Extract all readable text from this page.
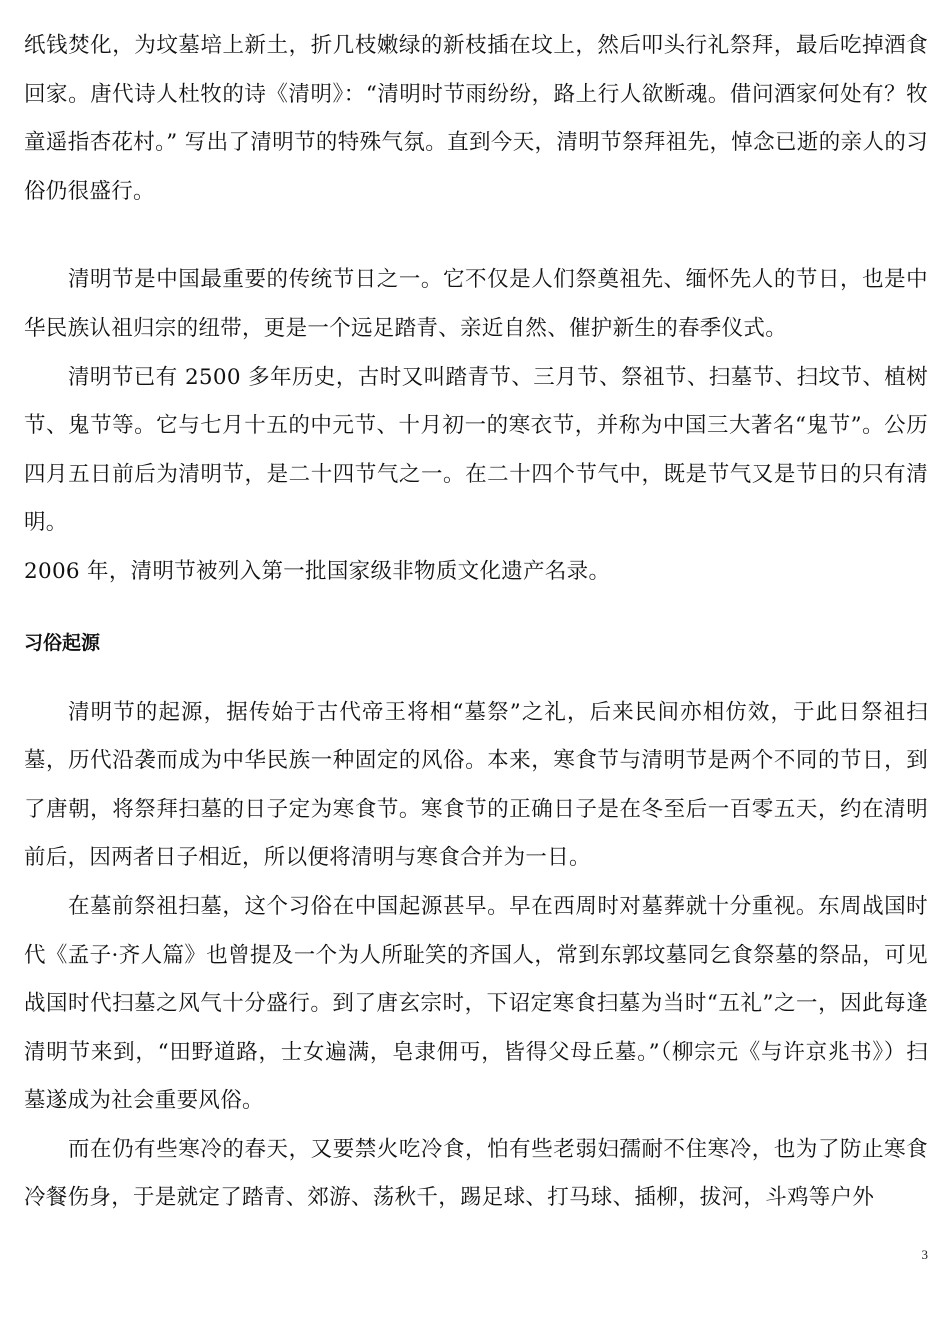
纸钱焚化，为坟墓培上新土，折几枝嫩绿的新枝插在坟上，然后叩头行礼祭拜，最后吃掉酒食回家。唐代诗人杜牧的诗《清明》：“清明时节雨纷纷，路上行人欲断魂。借问酒家何处有？牧童遥指杏花村。” 写出了清明节的特殊气氛。直到今天，清明节祭拜祖先，悼念已逝的亲人的习俗仍很盛行。

清明节是中国最重要的传统节日之一。它不仅是人们祭奠祖先、缅怀先人的节日，也是中华民族认祖归宗的纽带，更是一个远足踏青、亲近自然、催护新生的春季仪式。

清明节已有 2500 多年历史，古时又叫踏青节、三月节、祭祖节、扫墓节、扫坟节、植树节、鬼节等。它与七月十五的中元节、十月初一的寒衣节，并称为中国三大著名“鬼节”。公历四月五日前后为清明节，是二十四节气之一。在二十四个节气中，既是节气又是节日的只有清明。

2006 年，清明节被列入第一批国家级非物质文化遗产名录。

习俗起源

清明节的起源，据传始于古代帝王将相“墓祭”之礼，后来民间亦相仿效，于此日祭祖扫墓，历代沿袭而成为中华民族一种固定的风俗。本来，寒食节与清明节是两个不同的节日，到了唐朝，将祭拜扫墓的日子定为寒食节。寒食节的正确日子是在冬至后一百零五天，约在清明前后，因两者日子相近，所以便将清明与寒食合并为一日。

在墓前祭祖扫墓，这个习俗在中国起源甚早。早在西周时对墓葬就十分重视。东周战国时代《孟子·齐人篇》也曾提及一个为人所耻笑的齐国人，常到东郭坟墓同乞食祭墓的祭品，可见战国时代扫墓之风气十分盛行。到了唐玄宗时，下诏定寒食扫墓为当时“五礼”之一，因此每逢清明节来到，“田野道路，士女遍满，皂隶佣丏，皆得父母丘墓。”（柳宗元《与许京兆书》）扫墓遂成为社会重要风俗。

而在仍有些寒冷的春天，又要禁火吃冷食，怕有些老弱妇孺耐不住寒冷，也为了防止寒食冷餐伤身，于是就定了踏青、郊游、荡秋千，踢足球、打马球、插柳，拔河，斗鸡等户外

3
